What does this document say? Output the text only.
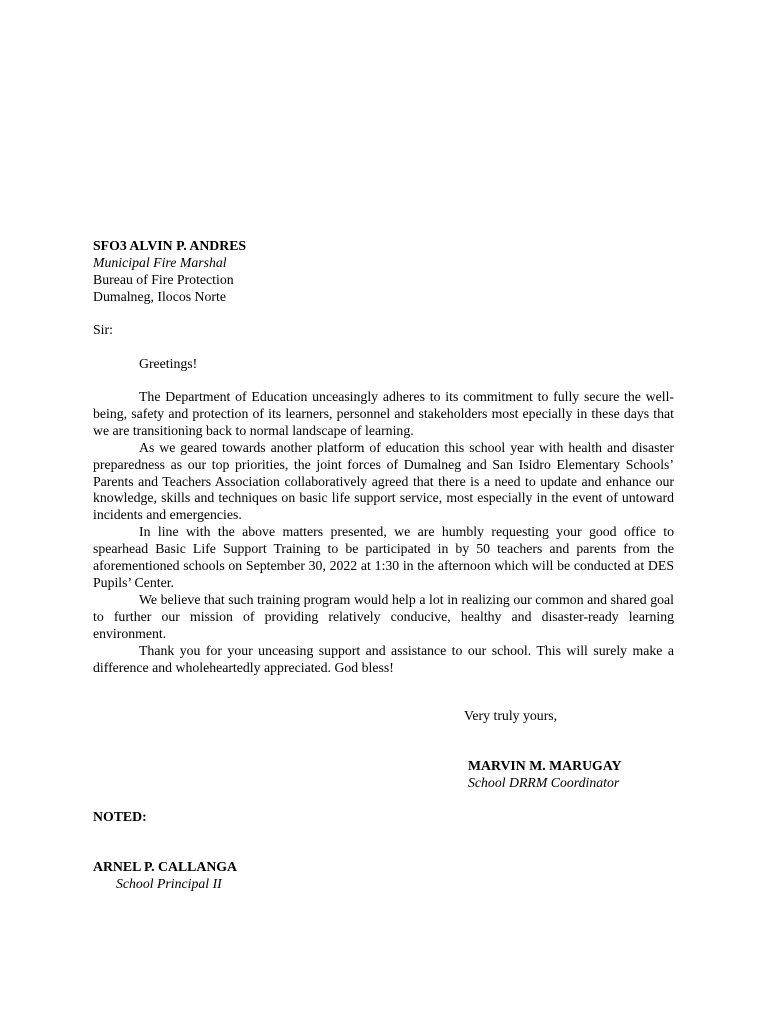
SFO3 ALVIN P. ANDRES
Municipal Fire Marshal
Bureau of Fire Protection
Dumalneg, Ilocos Norte
Sir:
Greetings!

The Department of Education unceasingly adheres to its commitment to fully secure the well-being, safety and protection of its learners, personnel and stakeholders most epecially in these days that we are transitioning back to normal landscape of learning.

As we geared towards another platform of education this school year with health and disaster preparedness as our top priorities, the joint forces of Dumalneg and San Isidro Elementary Schools’ Parents and Teachers Association collaboratively agreed that there is a need to update and enhance our knowledge, skills and techniques on basic life support service, most especially in the event of untoward incidents and emergencies.

In line with the above matters presented, we are humbly requesting your good office to spearhead Basic Life Support Training to be participated in by 50 teachers and parents from the aforementioned schools on September 30, 2022 at 1:30 in the afternoon which will be conducted at DES Pupils’ Center.

We believe that such training program would help a lot in realizing our common and shared goal to further our mission of providing relatively conducive, healthy and disaster-ready learning environment.

Thank you for your unceasing support and assistance to our school. This will surely make a difference and wholeheartedly appreciated. God bless!

Very truly yours,
MARVIN M. MARUGAY
School DRRM Coordinator
NOTED:
ARNEL P. CALLANGA
School Principal II
